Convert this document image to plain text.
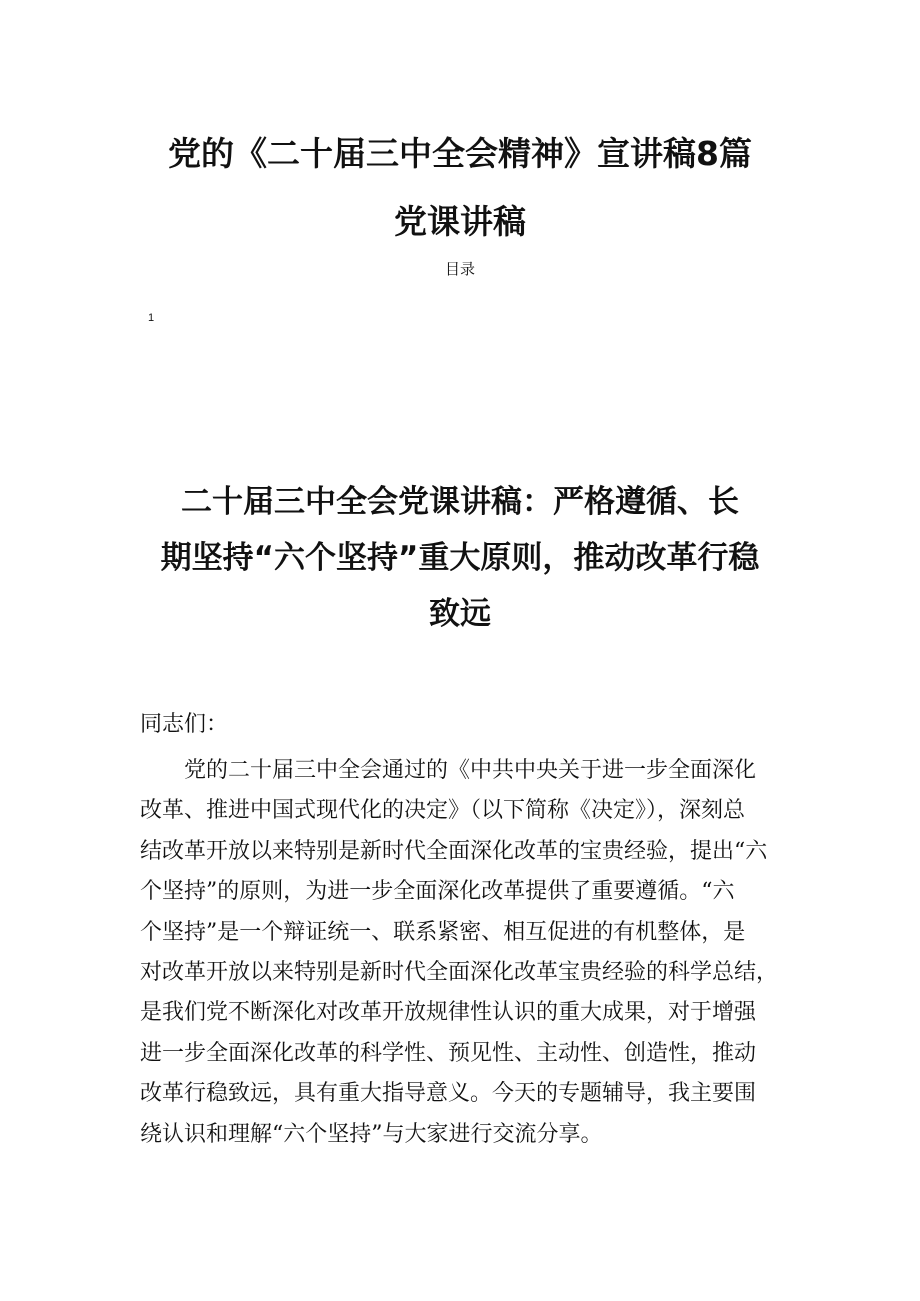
党的《二十届三中全会精神》宣讲稿8篇
党课讲稿

目录

1

二十届三中全会党课讲稿：严格遵循、长
期坚持“六个坚持”重大原则，推动改革行稳
致远

同志们：

党的二十届三中全会通过的《中共中央关于进一步全面深化
改革、推进中国式现代化的决定》（以下简称《决定》），深刻总
结改革开放以来特别是新时代全面深化改革的宝贵经验，提出“六
个坚持”的原则，为进一步全面深化改革提供了重要遵循。“六
个坚持”是一个辩证统一、联系紧密、相互促进的有机整体，是
对改革开放以来特别是新时代全面深化改革宝贵经验的科学总结，
是我们党不断深化对改革开放规律性认识的重大成果，对于增强
进一步全面深化改革的科学性、预见性、主动性、创造性，推动
改革行稳致远，具有重大指导意义。今天的专题辅导，我主要围
绕认识和理解“六个坚持”与大家进行交流分享。
